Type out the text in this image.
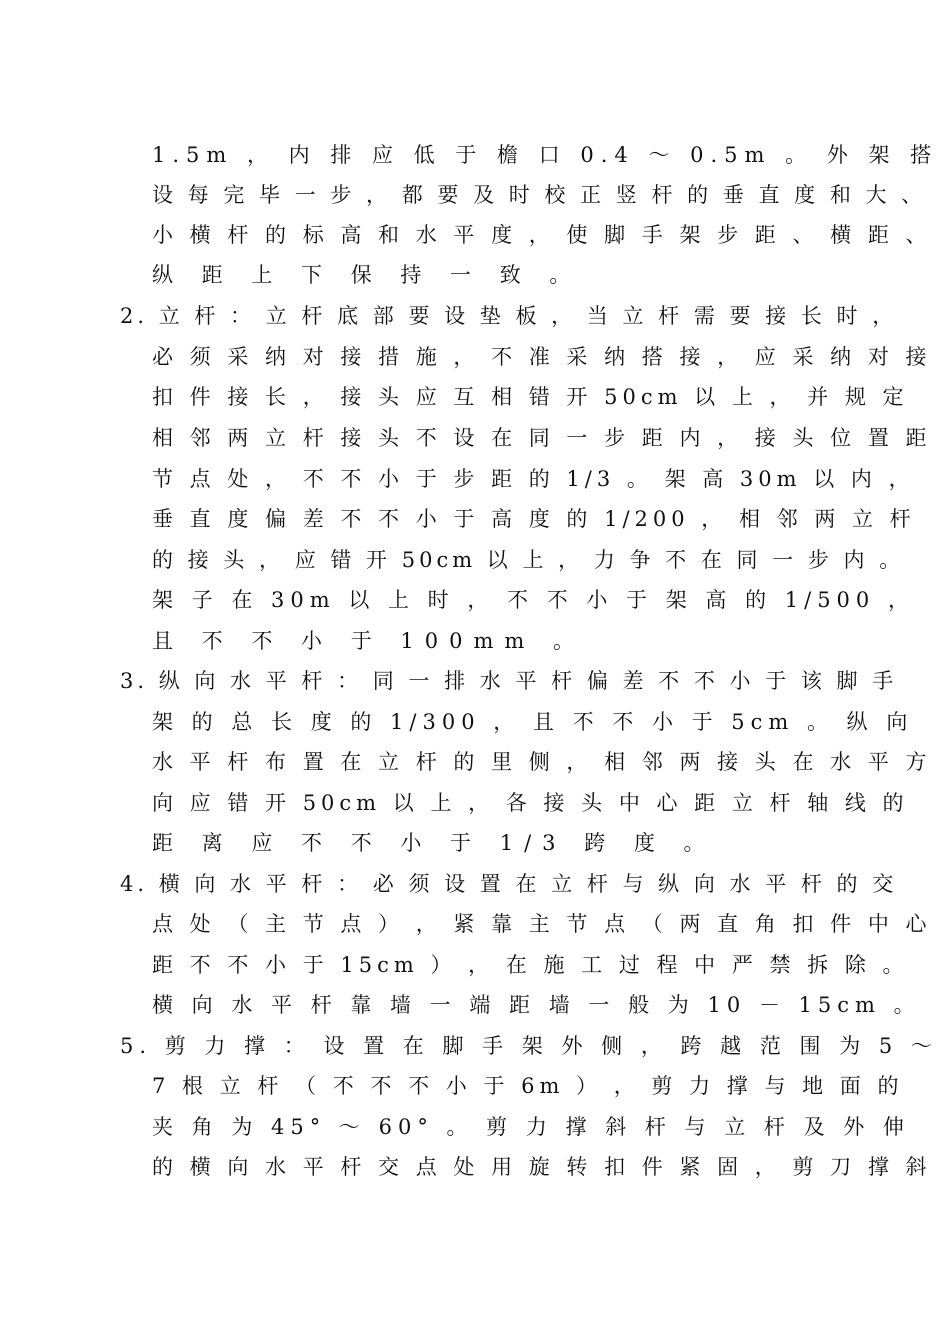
1.5m ， 内 排 应 低 于 檐 口 0.4 ～ 0.5m 。 外 架 搭
设 每 完 毕 一 步 ， 都 要 及 时 校 正 竖 杆 的 垂 直 度 和 大 、
小 横 杆 的 标 高 和 水 平 度 ， 使 脚 手 架 步 距 、 横 距 、
纵 距 上 下 保 持 一 致 。
2. 立 杆 ： 立 杆 底 部 要 设 垫 板 ， 当 立 杆 需 要 接 长 时 ，
必 须 采 纳 对 接 措 施 ， 不 准 采 纳 搭 接 ， 应 采 纳 对 接
扣 件 接 长 ， 接 头 应 互 相 错 开 50cm 以 上 ， 并 规 定
相 邻 两 立 杆 接 头 不 设 在 同 一 步 距 内 ， 接 头 位 置 距
节 点 处 ， 不 不 小 于 步 距 的 1/3 。 架 高 30m 以 内 ，
垂 直 度 偏 差 不 不 小 于 高 度 的 1/200 ， 相 邻 两 立 杆
的 接 头 ， 应 错 开 50cm 以 上 ， 力 争 不 在 同 一 步 内 。
架 子 在 30m 以 上 时 ， 不 不 小 于 架 高 的 1/500 ，
且 不 不 小 于 100mm 。
3. 纵 向 水 平 杆 ： 同 一 排 水 平 杆 偏 差 不 不 小 于 该 脚 手
架 的 总 长 度 的 1/300 ， 且 不 不 小 于 5cm 。 纵 向
水 平 杆 布 置 在 立 杆 的 里 侧 ， 相 邻 两 接 头 在 水 平 方
向 应 错 开 50cm 以 上 ， 各 接 头 中 心 距 立 杆 轴 线 的
距 离 应 不 不 小 于 1/3 跨 度 。
4. 横 向 水 平 杆 ： 必 须 设 置 在 立 杆 与 纵 向 水 平 杆 的 交
点 处 （ 主 节 点 ） ， 紧 靠 主 节 点 （ 两 直 角 扣 件 中 心
距 不 不 小 于 15cm ） ， 在 施 工 过 程 中 严 禁 拆 除 。
横 向 水 平 杆 靠 墙 一 端 距 墙 一 般 为 10 － 15cm 。
5. 剪 力 撑 ： 设 置 在 脚 手 架 外 侧 ， 跨 越 范 围 为 5 ～
7 根 立 杆 （ 不 不 不 小 于 6m ） ， 剪 力 撑 与 地 面 的
夹 角 为 45° ～ 60° 。 剪 力 撑 斜 杆 与 立 杆 及 外 伸
的 横 向 水 平 杆 交 点 处 用 旋 转 扣 件 紧 固 ， 剪 刀 撑 斜
